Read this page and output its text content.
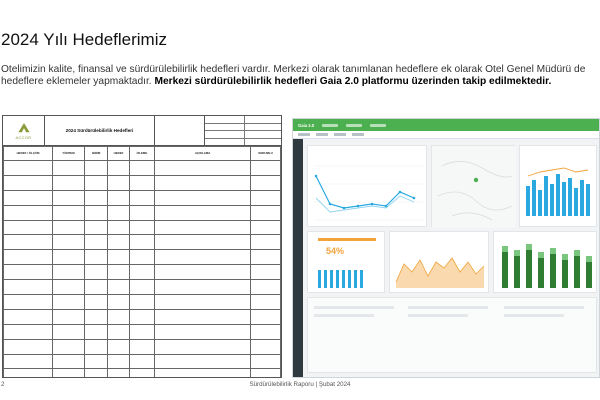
2024 Yılı Hedeflerimiz
Otelimizin kalite, finansal ve sürdürülebilirlik hedefleri vardır. Merkezi olarak tanımlanan hedeflere ek olarak Otel Genel Müdürü de hedeflere eklemeler yapmaktadır. Merkezi sürdürülebilirlik hedefleri Gaia 2.0 platformu üzerinden takip edilmektedir.
ACCOR
2024 Sürdürülebilirlik Hedefleri
HEDEF / ÖLÇÜM	YÖNTEM	BİRİM	HEDEF	İZLEME	AÇIKLAMA	SORUMLU

Gaia 2.0
54%
2	Sürdürülebilirlik Raporu | Şubat 2024
